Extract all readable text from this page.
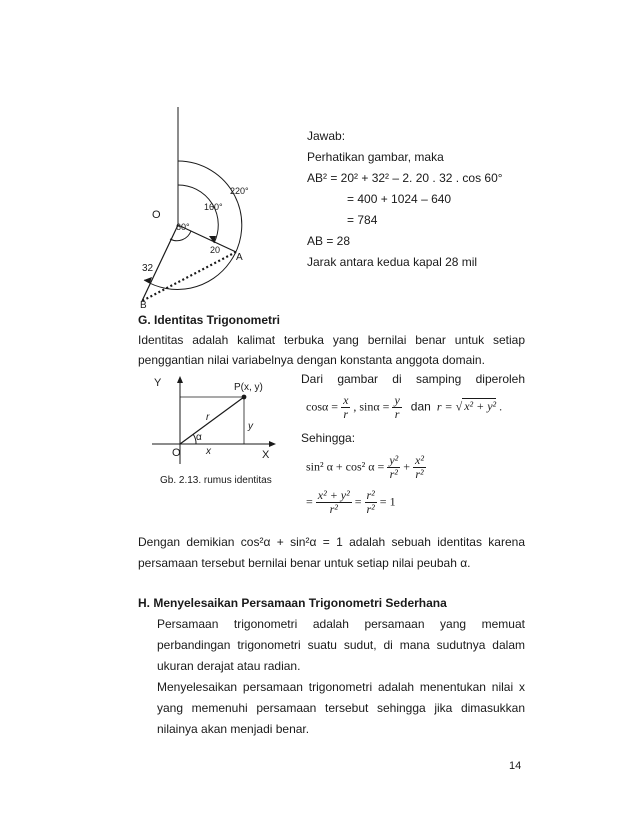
O
A
B
60°
160°
220°
20
32
Jawab:
Perhatikan gambar, maka
AB² = 20² + 32² – 2. 20 . 32 . cos 60°
= 400 + 1024 – 640
= 784
AB = 28
Jarak antara kedua kapal 28 mil
G. Identitas Trigonometri
Identitas adalah kalimat terbuka yang bernilai benar untuk setiap
penggantian nilai variabelnya dengan konstanta anggota domain.
Y
X
O
P(x, y)
r
y
x
α
Gb. 2.13. rumus identitas
Dari gambar di samping diperoleh
$\cos\alpha = \frac{x}{r}$ , $\sin\alpha = \frac{y}{r}$ dan r = √ x² + y² .
Sehingga:
sin² α + cos² $\alpha = \frac{\text{y²}}{\text{r²}} + \frac{\text{x²}}{\text{r²}}$
= $\frac{\text{x² + y²}}{\text{r²}} = \frac{\text{r²}}{\text{r²}} = 1$
Dengan demikian cos²α + sin²α = 1 adalah sebuah identitas karena
persamaan tersebut bernilai benar untuk setiap nilai peubah α.
H. Menyelesaikan Persamaan Trigonometri Sederhana
Persamaan trigonometri adalah persamaan yang memuat
perbandingan trigonometri suatu sudut, di mana sudutnya dalam
ukuran derajat atau radian.
Menyelesaikan persamaan trigonometri adalah menentukan nilai x
yang memenuhi persamaan tersebut sehingga jika dimasukkan
nilainya akan menjadi benar.
14
